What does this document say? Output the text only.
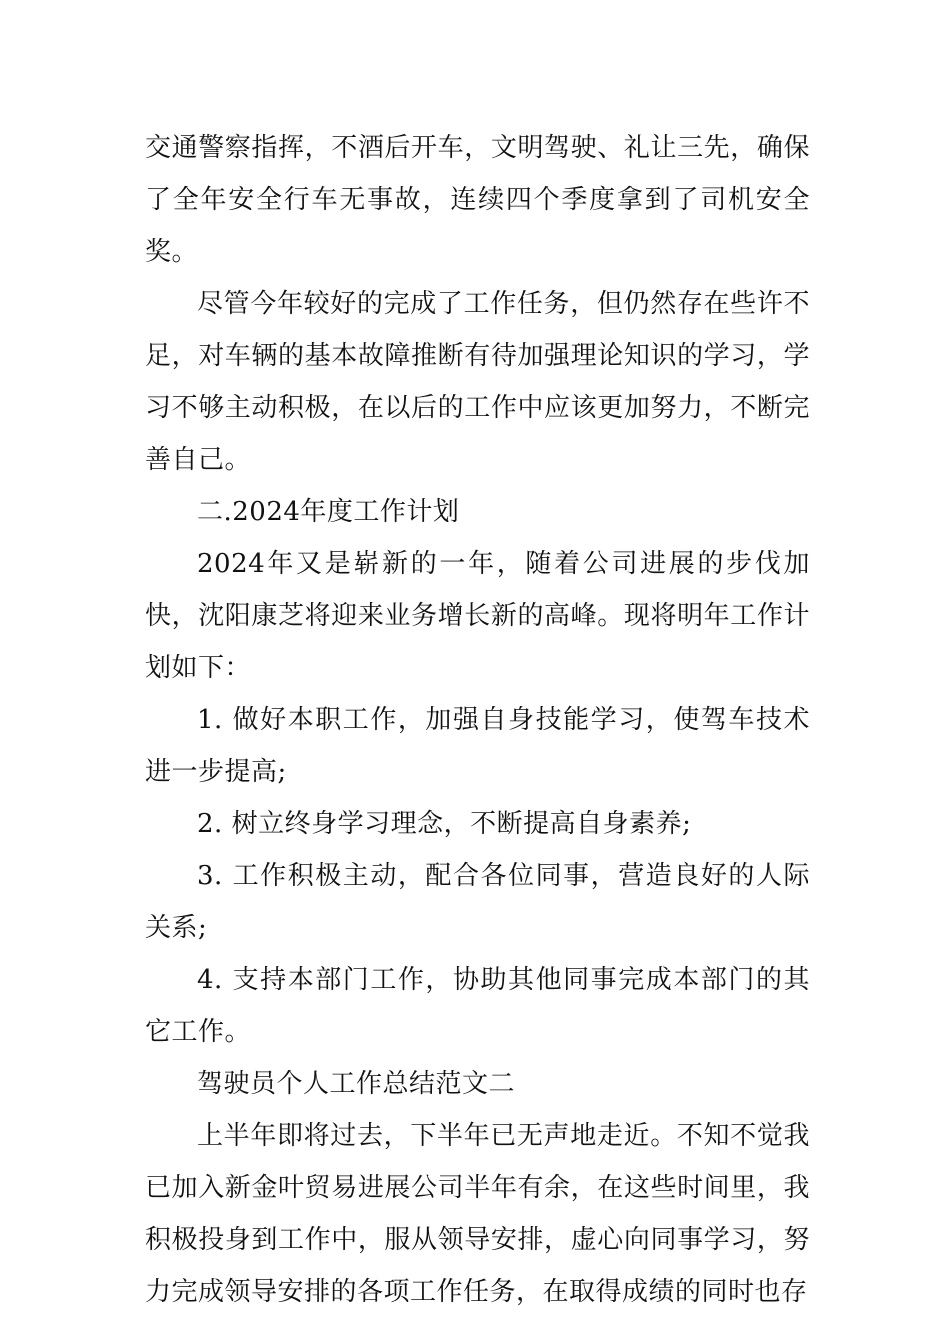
交通警察指挥，不酒后开车，文明驾驶、礼让三先，确保了全年安全行车无事故，连续四个季度拿到了司机安全奖。

尽管今年较好的完成了工作任务，但仍然存在些许不足，对车辆的基本故障推断有待加强理论知识的学习，学习不够主动积极，在以后的工作中应该更加努力，不断完善自己。

二.2024年度工作计划

2024年又是崭新的一年，随着公司进展的步伐加快，沈阳康芝将迎来业务增长新的高峰。现将明年工作计划如下：

1. 做好本职工作，加强自身技能学习，使驾车技术进一步提高;

2. 树立终身学习理念，不断提高自身素养;

3. 工作积极主动，配合各位同事，营造良好的人际关系;

4. 支持本部门工作，协助其他同事完成本部门的其它工作。

驾驶员个人工作总结范文二

上半年即将过去，下半年已无声地走近。不知不觉我已加入新金叶贸易进展公司半年有余，在这些时间里，我积极投身到工作中，服从领导安排，虚心向同事学习，努力完成领导安排的各项工作任务，在取得成绩的同时也存
